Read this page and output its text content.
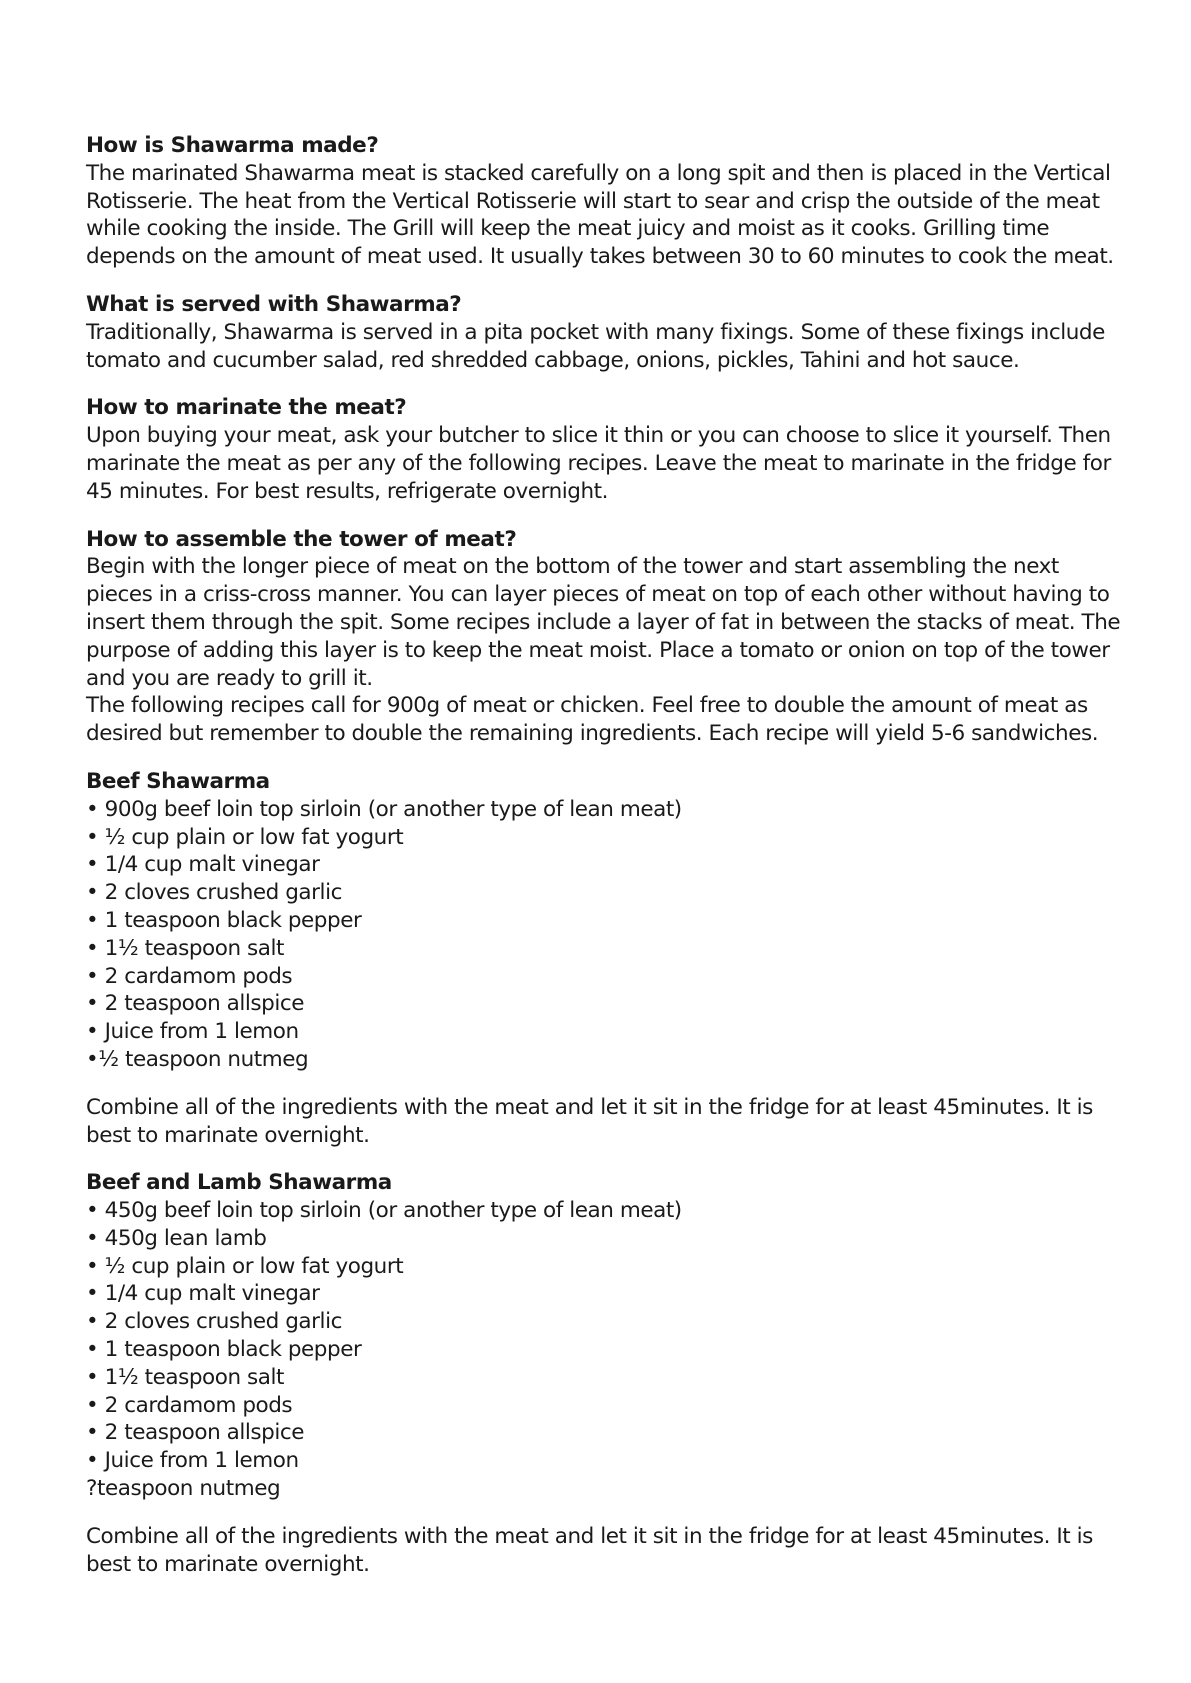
How is Shawarma made?
The marinated Shawarma meat is stacked carefully on a long spit and then is placed in the Vertical Rotisserie. The heat from the Vertical Rotisserie will start to sear and crisp the outside of the meat while cooking the inside. The Grill will keep the meat juicy and moist as it cooks. Grilling time depends on the amount of meat used. It usually takes between 30 to 60 minutes to cook the meat.
What is served with Shawarma?
Traditionally, Shawarma is served in a pita pocket with many fixings. Some of these fixings include tomato and cucumber salad, red shredded cabbage, onions, pickles, Tahini and hot sauce.
How to marinate the meat?
Upon buying your meat, ask your butcher to slice it thin or you can choose to slice it yourself. Then marinate the meat as per any of the following recipes. Leave the meat to marinate in the fridge for 45 minutes. For best results, refrigerate overnight.
How to assemble the tower of meat?
Begin with the longer piece of meat on the bottom of the tower and start assembling the next pieces in a criss-cross manner. You can layer pieces of meat on top of each other without having to insert them through the spit. Some recipes include a layer of fat in between the stacks of meat. The purpose of adding this layer is to keep the meat moist. Place a tomato or onion on top of the tower and you are ready to grill it.
The following recipes call for 900g of meat or chicken. Feel free to double the amount of meat as desired but remember to double the remaining ingredients. Each recipe will yield 5-6 sandwiches.
Beef Shawarma
• 900g beef loin top sirloin (or another type of lean meat)
• ½ cup plain or low fat yogurt
• 1/4 cup malt vinegar
• 2 cloves crushed garlic
• 1 teaspoon black pepper
• 1½ teaspoon salt
• 2 cardamom pods
• 2 teaspoon allspice
• Juice from 1 lemon
•½ teaspoon nutmeg
Combine all of the ingredients with the meat and let it sit in the fridge for at least 45minutes. It is best to marinate overnight.
Beef and Lamb Shawarma
• 450g beef loin top sirloin (or another type of lean meat)
• 450g lean lamb
• ½ cup plain or low fat yogurt
• 1/4 cup malt vinegar
• 2 cloves crushed garlic
• 1 teaspoon black pepper
• 1½ teaspoon salt
• 2 cardamom pods
• 2 teaspoon allspice
• Juice from 1 lemon
?teaspoon nutmeg
Combine all of the ingredients with the meat and let it sit in the fridge for at least 45minutes. It is best to marinate overnight.
